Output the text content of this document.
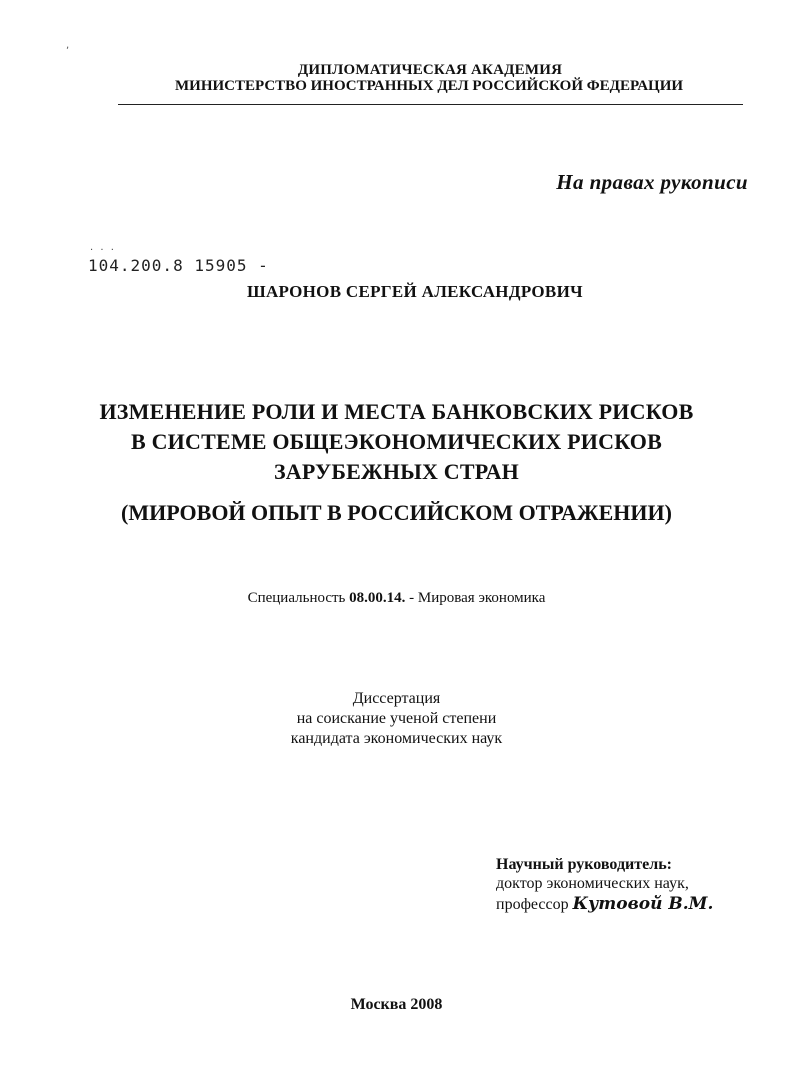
,
ДИПЛОМАТИЧЕСКАЯ АКАДЕМИЯ
МИНИСТЕРСТВО ИНОСТРАННЫХ ДЕЛ РОССИЙСКОЙ ФЕДЕРАЦИИ
На правах рукописи
· · ·
104.200.8 15905 -
ШАРОНОВ СЕРГЕЙ АЛЕКСАНДРОВИЧ
ИЗМЕНЕНИЕ РОЛИ И МЕСТА БАНКОВСКИХ РИСКОВ
В СИСТЕМЕ ОБЩЕЭКОНОМИЧЕСКИХ РИСКОВ
ЗАРУБЕЖНЫХ СТРАН
(МИРОВОЙ ОПЫТ В РОССИЙСКОМ ОТРАЖЕНИИ)
Специальность 08.00.14. - Мировая экономика
Диссертация
на соискание ученой степени
кандидата экономических наук
Научный руководитель:
доктор экономических наук,
профессор Кутовой В.М.
Москва 2008
